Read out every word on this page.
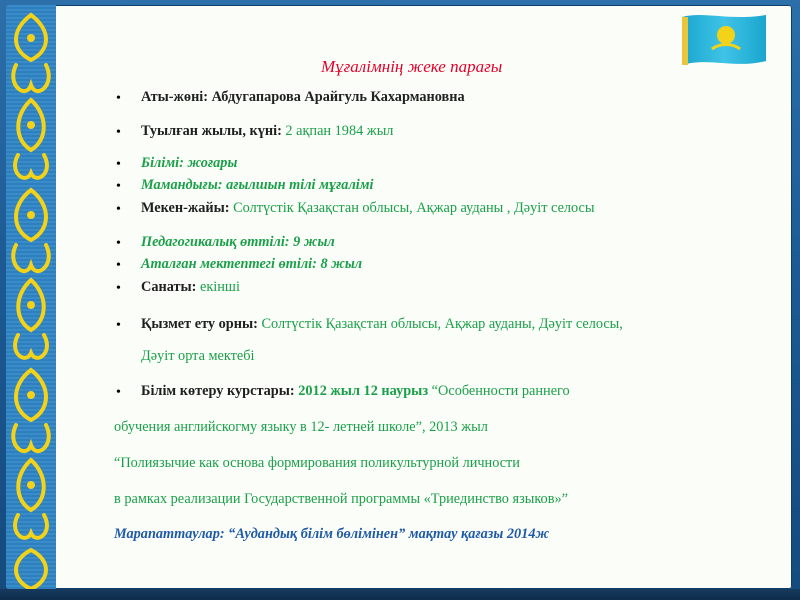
Мұғалімнің жеке парағы
• Аты-жөні: Абдугапарова Арайгуль Кахармановна
• Туылған жылы, күні: 2 ақпан 1984 жыл
• Білімі: жоғары
• Мамандығы: ағылшын тілі мұғалімі
• Мекен-жайы: Солтүстік Қазақстан облысы, Ақжар ауданы , Дәуіт селосы
• Педагогикалық өттілі: 9 жыл
• Аталған мектептегі өтілі: 8 жыл
• Санаты: екінші
• Қызмет ету орны: Солтүстік Қазақстан облысы, Ақжар ауданы, Дәуіт селосы,
Дәуіт орта мектебі
• Білім көтеру курстары: 2012 жыл 12 наурыз “Особенности раннего
обучения английскогму языку в 12- летней школе”, 2013 жыл
“Полиязычие как основа формирования поликультурной личности
в рамках реализации Государственной программы «Триединство языков»”
Марапаттаулар: “Аудандық білім бөлімінен” мақтау қағазы 2014ж
